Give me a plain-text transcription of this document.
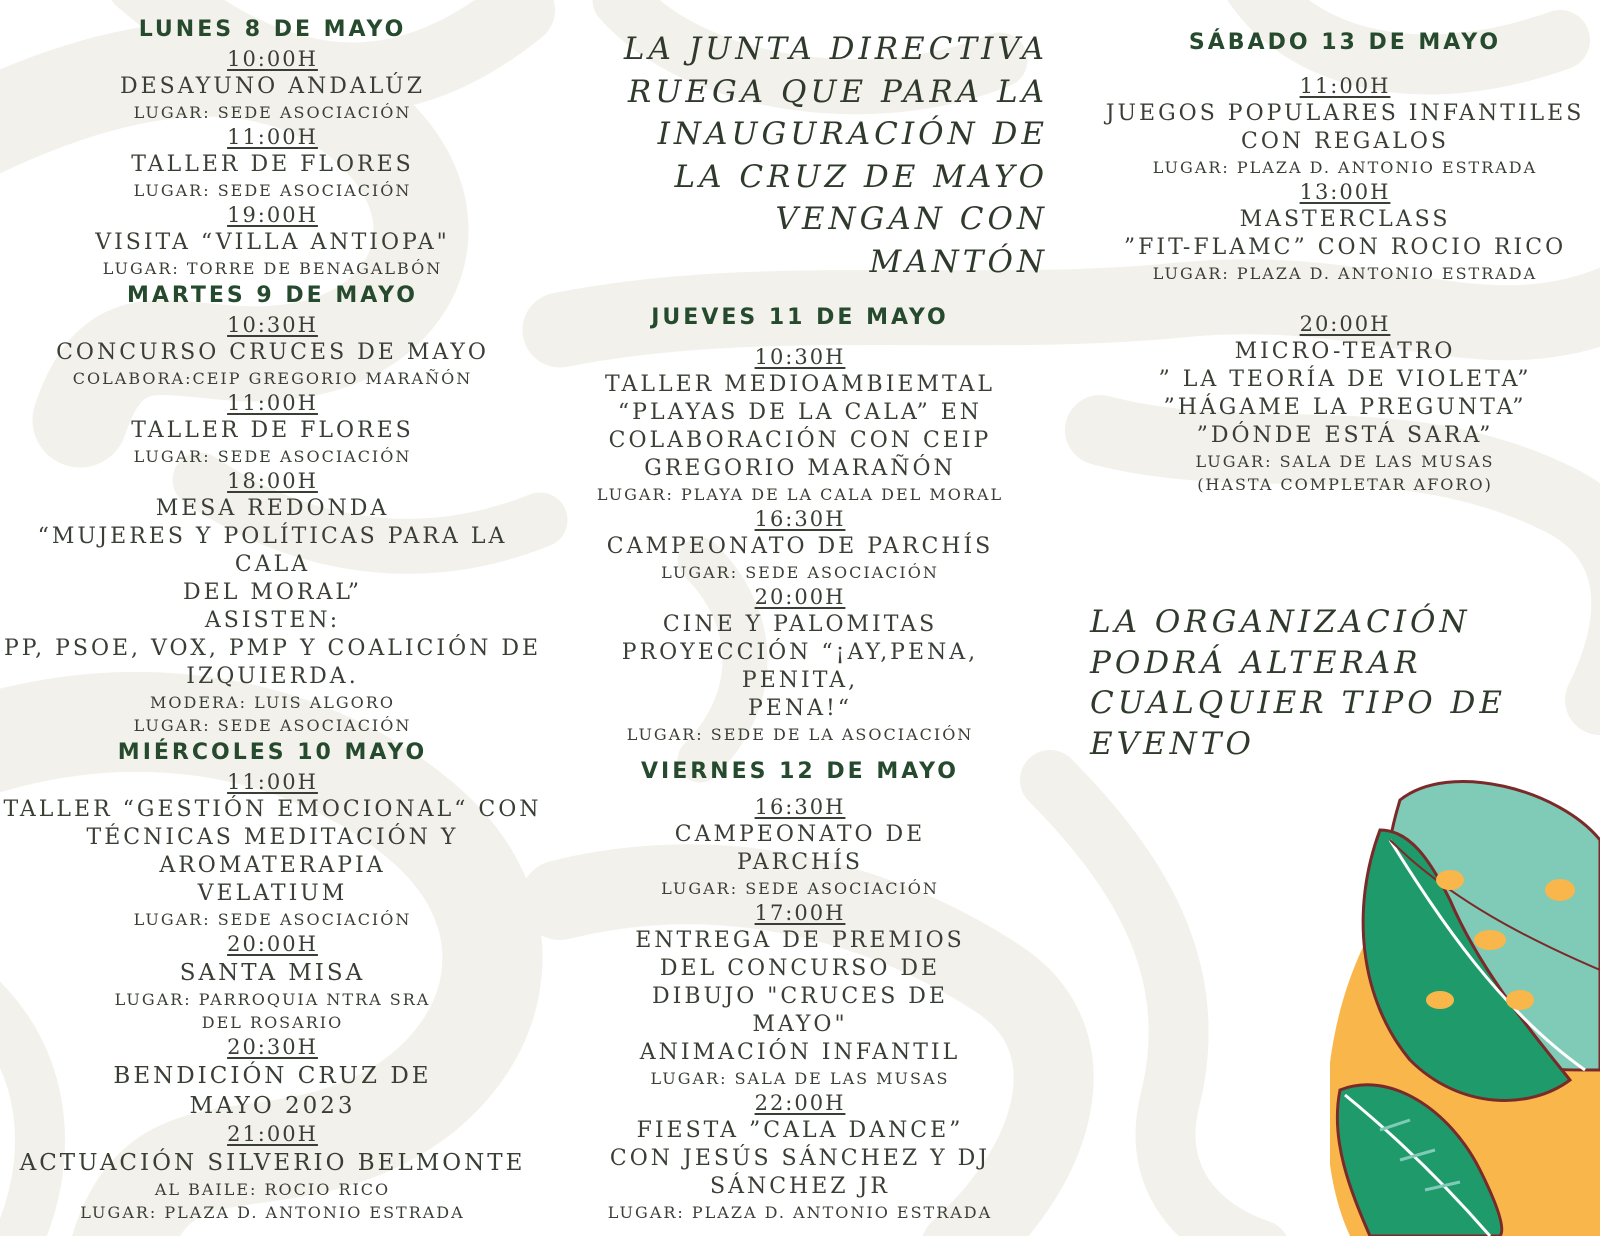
LUNES 8 DE MAYO
10:00H
DESAYUNO ANDALÚZ
LUGAR: SEDE ASOCIACIÓN
11:00H
TALLER DE FLORES
LUGAR: SEDE ASOCIACIÓN
19:00H
VISITA “VILLA ANTIOPA"
LUGAR: TORRE DE BENAGALBÓN
MARTES 9 DE MAYO
10:30H
CONCURSO CRUCES DE MAYO
COLABORA:CEIP GREGORIO MARAÑÓN
11:00H
TALLER DE FLORES
LUGAR: SEDE ASOCIACIÓN
18:00H
MESA REDONDA
“MUJERES Y POLÍTICAS PARA LA CALA
DEL MORAL”
ASISTEN:
PP, PSOE, VOX, PMP Y COALICIÓN DE
IZQUIERDA.
MODERA: LUIS ALGORO
LUGAR: SEDE ASOCIACIÓN
MIÉRCOLES 10 MAYO
11:00H
TALLER “GESTIÓN EMOCIONAL“ CON
TÉCNICAS MEDITACIÓN Y
AROMATERAPIA
VELATIUM
LUGAR: SEDE ASOCIACIÓN
20:00H
SANTA MISA
LUGAR: PARROQUIA NTRA SRA
DEL ROSARIO
20:30H
BENDICIÓN CRUZ DE
MAYO 2023
21:00H
ACTUACIÓN SILVERIO BELMONTE
AL BAILE: ROCIO RICO
LUGAR: PLAZA D. ANTONIO ESTRADA
LA JUNTA DIRECTIVA
RUEGA QUE PARA LA
INAUGURACIÓN DE
LA CRUZ DE MAYO
VENGAN CON
MANTÓN
JUEVES 11 DE MAYO
10:30H
TALLER MEDIOAMBIEMTAL
“PLAYAS DE LA CALA” EN
COLABORACIÓN CON CEIP
GREGORIO MARAÑÓN
LUGAR: PLAYA DE LA CALA DEL MORAL
16:30H
CAMPEONATO DE PARCHÍS
LUGAR: SEDE ASOCIACIÓN
20:00H
CINE Y PALOMITAS
PROYECCIÓN “¡AY,PENA, PENITA,
PENA!“
LUGAR: SEDE DE LA ASOCIACIÓN
VIERNES 12 DE MAYO
16:30H
CAMPEONATO DE
PARCHÍS
LUGAR: SEDE ASOCIACIÓN
17:00H
ENTREGA DE PREMIOS
DEL CONCURSO DE
DIBUJO "CRUCES DE
MAYO"
ANIMACIÓN INFANTIL
LUGAR: SALA DE LAS MUSAS
22:00H
FIESTA ”CALA DANCE”
CON JESÚS SÁNCHEZ Y DJ
SÁNCHEZ JR
LUGAR: PLAZA D. ANTONIO ESTRADA
SÁBADO 13 DE MAYO
11:00H
JUEGOS POPULARES INFANTILES
CON REGALOS
LUGAR: PLAZA D. ANTONIO ESTRADA
13:00H
MASTERCLASS
”FIT-FLAMC” CON ROCIO RICO
LUGAR: PLAZA D. ANTONIO ESTRADA
20:00H
MICRO-TEATRO
” LA TEORÍA DE VIOLETA”
”HÁGAME LA PREGUNTA”
”DÓNDE ESTÁ SARA”
LUGAR: SALA DE LAS MUSAS
(HASTA COMPLETAR AFORO)
LA ORGANIZACIÓN
PODRÁ ALTERAR
CUALQUIER TIPO DE
EVENTO
